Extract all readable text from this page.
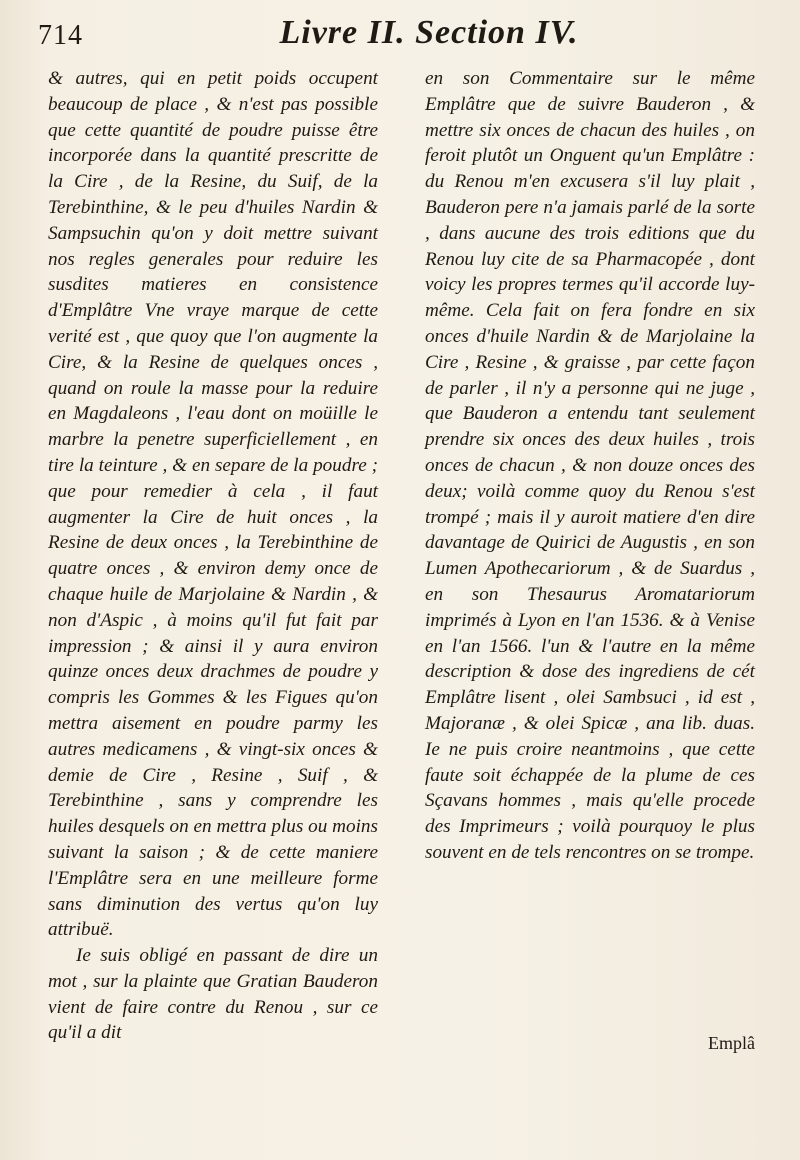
714	Livre II. Section IV.

& autres, qui en petit poids occupent beaucoup de place , & n'est pas possible que cette quantité de poudre puisse être incorporée dans la quantité prescritte de la Cire , de la Resine, du Suif, de la Terebinthine, & le peu d'huiles Nardin & Sampsuchin qu'on y doit mettre suivant nos regles generales pour reduire les susdites matieres en consistence d'Emplâtre Vne vraye marque de cette verité est , que quoy que l'on augmente la Cire, & la Resine de quelques onces , quand on roule la masse pour la reduire en Magdaleons , l'eau dont on moüille le marbre la penetre superficiellement , en tire la teinture , & en separe de la poudre ; que pour remedier à cela , il faut augmenter la Cire de huit onces , la Resine de deux onces , la Terebinthine de quatre onces , & environ demy once de chaque huile de Marjolaine & Nardin , & non d'Aspic , à moins qu'il fut fait par impression ; & ainsi il y aura environ quinze onces deux drachmes de poudre y compris les Gommes & les Figues qu'on mettra aisement en poudre parmy les autres medicamens , & vingt-six onces & demie de Cire , Resine , Suif , & Terebinthine , sans y comprendre les huiles desquels on en mettra plus ou moins suivant la saison ; & de cette maniere l'Emplâtre sera en une meilleure forme sans diminution des vertus qu'on luy attribuë.

Ie suis obligé en passant de dire un mot , sur la plainte que Gratian Bauderon vient de faire contre du Renou , sur ce qu'il a dit

en son Commentaire sur le même Emplâtre que de suivre Bauderon , & mettre six onces de chacun des huiles , on feroit plutôt un Onguent qu'un Emplâtre : du Renou m'en excusera s'il luy plait , Bauderon pere n'a jamais parlé de la sorte , dans aucune des trois editions que du Renou luy cite de sa Pharmacopée , dont voicy les propres termes qu'il accorde luy-même. Cela fait on fera fondre en six onces d'huile Nardin & de Marjolaine la Cire , Resine , & graisse , par cette façon de parler , il n'y a personne qui ne juge , que Bauderon a entendu tant seulement prendre six onces des deux huiles , trois onces de chacun , & non douze onces des deux; voilà comme quoy du Renou s'est trompé ; mais il y auroit matiere d'en dire davantage de Quirici de Augustis , en son Lumen Apothecariorum , & de Suardus , en son Thesaurus Aromatariorum imprimés à Lyon en l'an 1536. & à Venise en l'an 1566. l'un & l'autre en la même description & dose des ingrediens de cét Emplâtre lisent , olei Sambsuci , id est , Majoranæ , & olei Spicæ , ana lib. duas. Ie ne puis croire neantmoins , que cette faute soit échappée de la plume de ces Sçavans hommes , mais qu'elle procede des Imprimeurs ; voilà pourquoy le plus souvent en de tels rencontres on se trompe.

Emplâ
